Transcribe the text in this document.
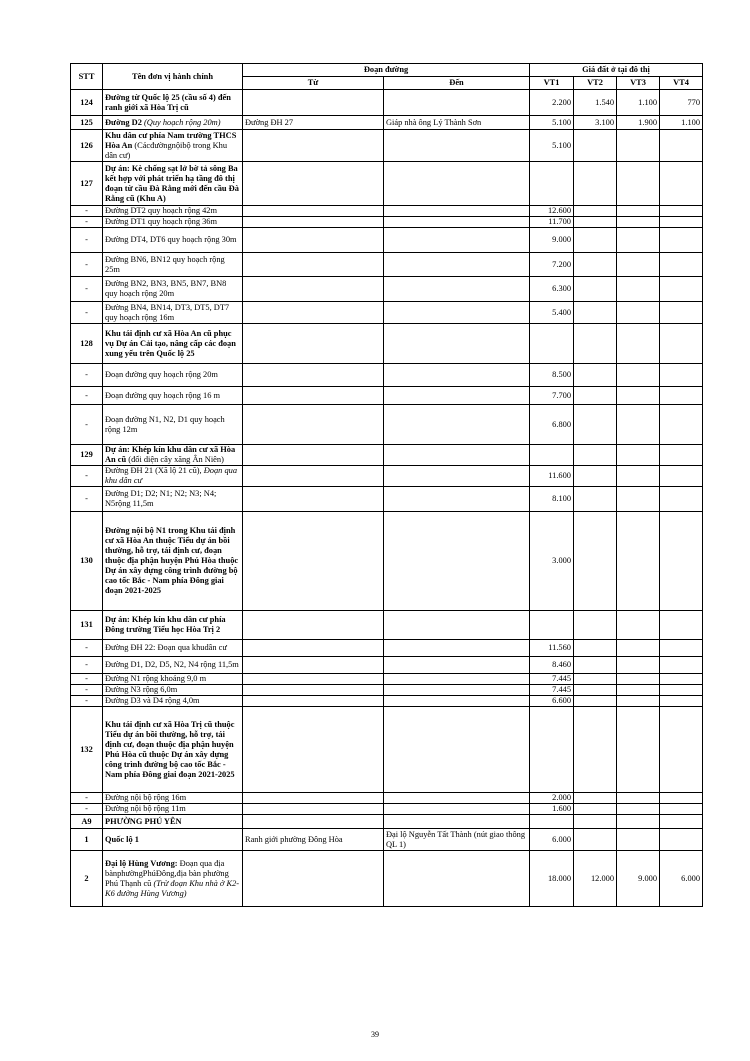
STT	Tên đơn vị hành chính	Đoạn đường		Giá đất ở tại đô thị			
		Từ	Đến	VT1	VT2	VT3	VT4
124	Đường từ Quốc lộ 25 (cầu số 4) đến ranh giới xã Hòa Trị cũ			2.200	1.540	1.100	770
125	Đường D2 (Quy hoạch rộng 20m)	Đường ĐH 27	Giáp nhà ông Lý Thành Sơn	5.100	3.100	1.900	1.100
126	Khu dân cư phía Nam trường THCS Hòa An (Cácđườngnộibộ trong Khu dân cư)			5.100			
127	Dự án: Kè chống sạt lở bờ tả sông Ba kết hợp với phát triển hạ tầng đô thị đoạn từ cầu Đà Rằng mới đến cầu Đà Rằng cũ (Khu A)						
-	Đường DT2 quy hoạch rộng 42m			12.600			
-	Đường DT1 quy hoạch rộng 36m			11.700			
-	Đường DT4, DT6 quy hoạch rộng 30m			9.000			
-	Đường BN6, BN12 quy hoạch rộng 25m			7.200			
-	Đường BN2, BN3, BN5, BN7, BN8 quy hoạch rộng 20m			6.300			
-	Đường BN4, BN14, DT3, DT5, DT7 quy hoạch rộng 16m			5.400			
128	Khu tái định cư xã Hòa An cũ phục vụ Dự án Cải tạo, nâng cấp các đoạn xung yếu trên Quốc lộ 25						
-	Đoạn đường quy hoạch rộng 20m			8.500			
-	Đoạn đường quy hoạch rộng 16 m			7.700			
-	Đoạn đường N1, N2, D1 quy hoạch rộng 12m			6.800			
129	Dự án: Khép kín khu dân cư xã Hòa An cũ (đối diện cây xăng Ân Niên)						
-	Đường ĐH 21 (Xã lộ 21 cũ), Đoạn qua khu dân cư			11.600			
-	Đường D1; D2; N1; N2; N3; N4; N5rộng 11,5m			8.100			
130	Đường nội bộ N1 trong Khu tái định cư xã Hòa An thuộc Tiểu dự án bồi thường, hỗ trợ, tái định cư, đoạn thuộc địa phận huyện Phú Hòa thuộc Dự án xây dựng công trình đường bộ cao tốc Bắc - Nam phía Đông giai đoạn 2021-2025			3.000			
131	Dự án: Khép kín khu dân cư phía Đông trường Tiểu học Hòa Trị 2						
-	Đường ĐH 22: Đoạn qua khudân cư			11.560			
-	Đường D1, D2, D5, N2, N4 rộng 11,5m			8.460			
-	Đường N1 rộng khoảng 9,0 m			7.445			
-	Đường N3 rộng 6,0m			7.445			
-	Đường D3 và D4 rộng 4,0m			6.600			
132	Khu tái định cư xã Hòa Trị cũ thuộc Tiểu dự án bồi thường, hỗ trợ, tái định cư, đoạn thuộc địa phận huyện Phú Hòa cũ thuộc Dự án xây dựng công trình đường bộ cao tốc Bắc - Nam phía Đông giai đoạn 2021-2025						
-	Đường nội bộ rộng 16m			2.000			
-	Đường nội bộ rộng 11m			1.600			
A9	PHƯỜNG PHÚ YÊN						
1	Quốc lộ 1	Ranh giới phường Đông Hòa	Đại lộ Nguyễn Tất Thành (nút giao thông QL 1)	6.000			
2	Đại lộ Hùng Vương: Đoạn qua địa bànphườngPhúĐông,địa bàn phường Phú Thạnh cũ (Trừ đoạn Khu nhà ở K2-K6 đường Hùng Vương)			18.000	12.000	9.000	6.000
39
